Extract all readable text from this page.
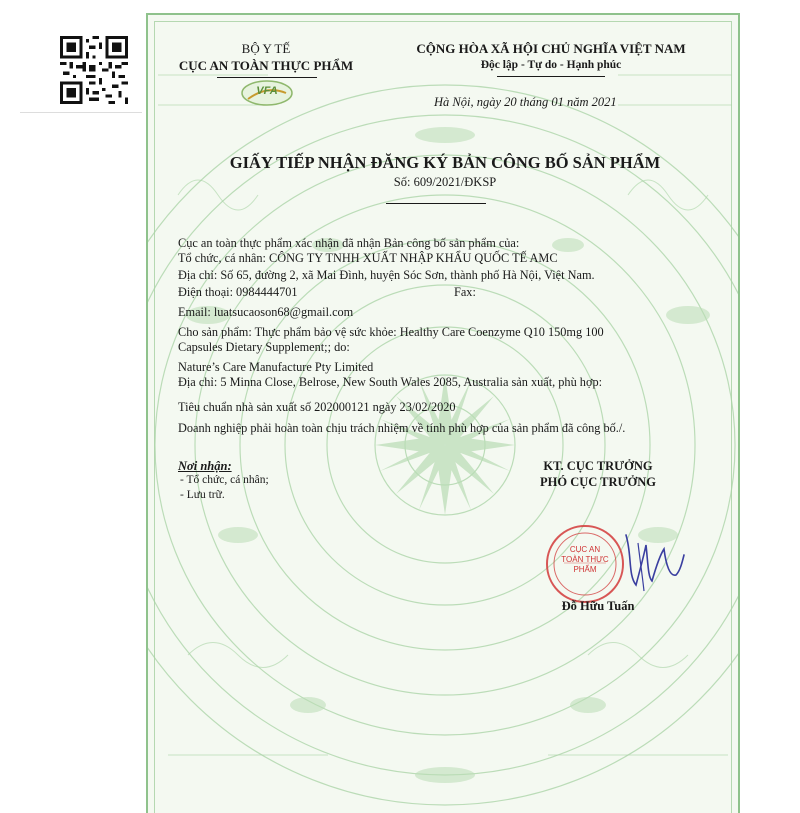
BỘ Y TẾ
CỤC AN TOÀN THỰC PHẨM
VFA
CỘNG HÒA XÃ HỘI CHỦ NGHĨA VIỆT NAM
Độc lập - Tự do - Hạnh phúc
Hà Nội, ngày 20 tháng 01 năm 2021
GIẤY TIẾP NHẬN ĐĂNG KÝ BẢN CÔNG BỐ SẢN PHẨM
Số: 609/2021/ĐKSP
Cục an toàn thực phẩm xác nhận đã nhận Bản công bố sản phẩm của:
Tổ chức, cá nhân: CÔNG TY TNHH XUẤT NHẬP KHẨU QUỐC TẾ AMC
Địa chỉ: Số 65, đường 2, xã Mai Đình, huyện Sóc Sơn, thành phố Hà Nội, Việt Nam.
Điện thoại: 0984444701	Fax:
Email: luatsucaoson68@gmail.com
Cho sản phẩm: Thực phẩm bảo vệ sức khỏe: Healthy Care Coenzyme Q10 150mg 100
Capsules Dietary Supplement;; do:
Nature’s Care Manufacture Pty Limited
Địa chỉ: 5 Minna Close, Belrose, New South Wales 2085, Australia sản xuất, phù hợp:
Tiêu chuẩn nhà sản xuất số 202000121 ngày 23/02/2020
Doanh nghiệp phải hoàn toàn chịu trách nhiệm về tính phù hợp của sản phẩm đã công bố./.
Nơi nhận:
- Tổ chức, cá nhân;
- Lưu trữ.
KT. CỤC TRƯỞNG
PHÓ CỤC TRƯỞNG
CỤC AN TOÀN THỰC PHẨM
Đỗ Hữu Tuấn
